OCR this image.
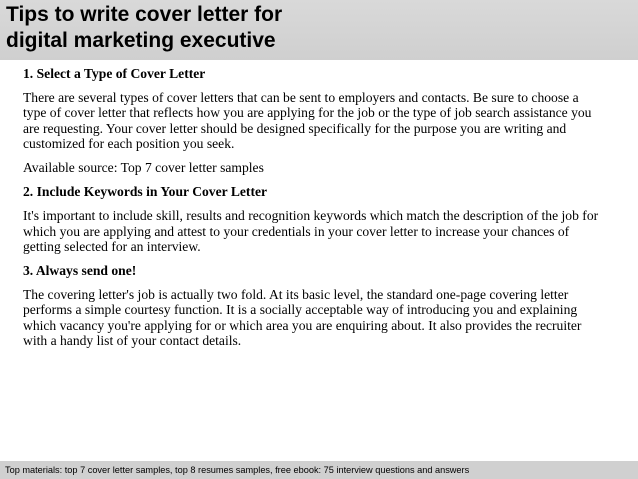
Tips to write cover letter for
digital marketing executive

1. Select a Type of Cover Letter

There are several types of cover letters that can be sent to employers and contacts. Be sure to choose a type of cover letter that reflects how you are applying for the job or the type of job search assistance you are requesting. Your cover letter should be designed specifically for the purpose you are writing and customized for each position you seek.

Available source: Top 7 cover letter samples

2. Include Keywords in Your Cover Letter

It's important to include skill, results and recognition keywords which match the description of the job for which you are applying and attest to your credentials in your cover letter to increase your chances of getting selected for an interview.

3. Always send one!

The covering letter's job is actually two fold. At its basic level, the standard one-page covering letter performs a simple courtesy function. It is a socially acceptable way of introducing you and explaining which vacancy you're applying for or which area you are enquiring about. It also provides the recruiter with a handy list of your contact details.

Top materials: top 7 cover letter samples, top 8 resumes samples, free ebook: 75 interview questions and answers
